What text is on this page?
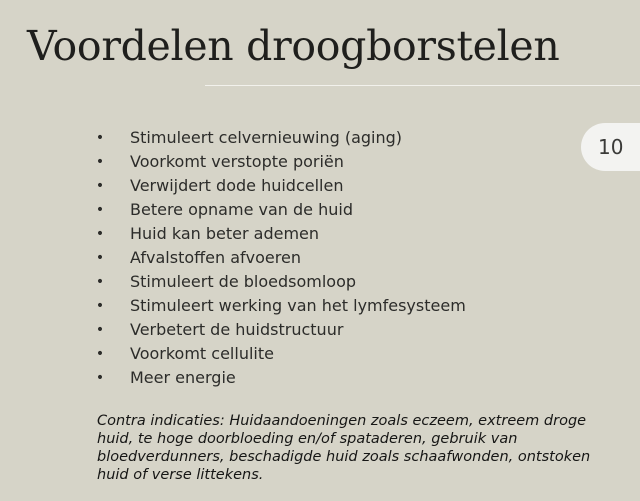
Voordelen droogborstelen
10
• Stimuleert celvernieuwing (aging)
• Voorkomt verstopte poriën
• Verwijdert dode huidcellen
• Betere opname van de huid
• Huid kan beter ademen
• Afvalstoffen afvoeren
• Stimuleert de bloedsomloop
• Stimuleert werking van het lymfesysteem
• Verbetert de huidstructuur
• Voorkomt cellulite
• Meer energie

Contra indicaties: Huidaandoeningen zoals eczeem, extreem droge huid, te hoge doorbloeding en/of spataderen, gebruik van bloedverdunners, beschadigde huid zoals schaafwonden, ontstoken huid of verse littekens.
